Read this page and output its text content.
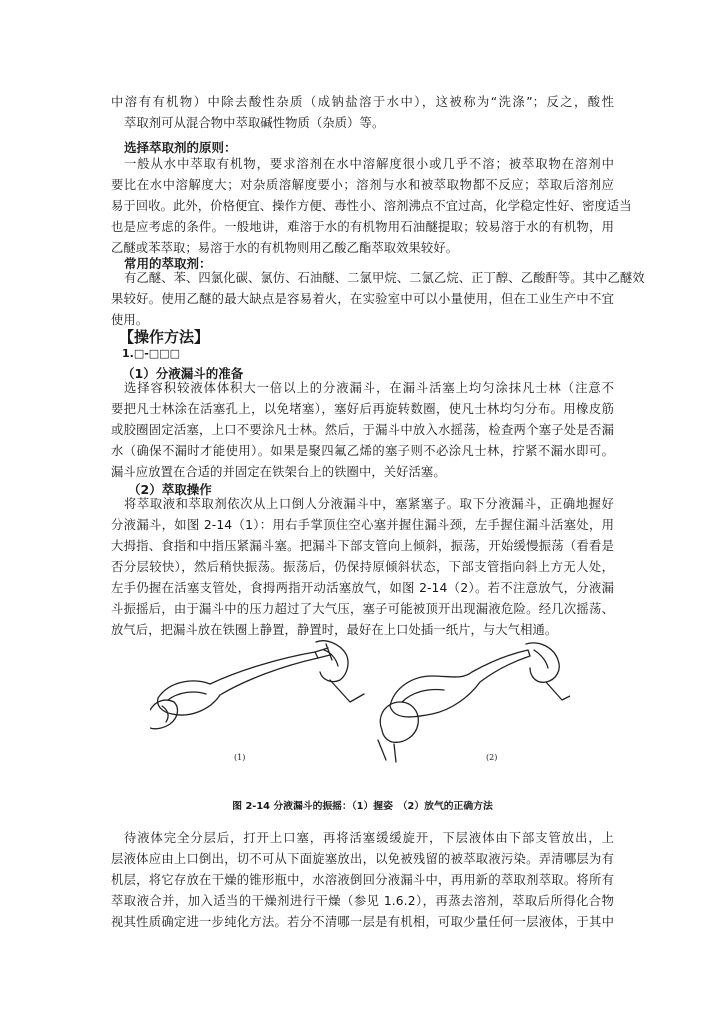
中溶有有机物）中除去酸性杂质（成钠盐溶于水中），这被称为“洗涤”；反之，酸性
萃取剂可从混合物中萃取碱性物质（杂质）等。
选择萃取剂的原则：
一般从水中萃取有机物，要求溶剂在水中溶解度很小或几乎不溶；被萃取物在溶剂中
要比在水中溶解度大；对杂质溶解度要小；溶剂与水和被萃取物都不反应；萃取后溶剂应
易于回收。此外，价格便宜、操作方便、毒性小、溶剂沸点不宜过高，化学稳定性好、密度适当
也是应考虑的条件。一般地讲，难溶于水的有机物用石油醚提取；较易溶于水的有机物，用
乙醚或苯萃取；易溶于水的有机物则用乙酸乙酯萃取效果较好。
常用的萃取剂：
有乙醚、苯、四氯化碳、氯仿、石油醚、二氯甲烷、二氯乙烷、正丁醇、乙酸酐等。其中乙醚效
果较好。使用乙醚的最大缺点是容易着火，在实验室中可以小量使用，但在工业生产中不宜
使用。
【操作方法】
1.□-□□□
（1）分液漏斗的准备
选择容积较液体体积大一倍以上的分液漏斗，在漏斗活塞上均匀涂抹凡士林（注意不
要把凡士林涂在活塞孔上，以免堵塞），塞好后再旋转数圈，使凡士林均匀分布。用橡皮筋
或胶圈固定活塞，上口不要涂凡士林。然后，于漏斗中放入水摇荡，检查两个塞子处是否漏
水（确保不漏时才能使用）。如果是聚四氟乙烯的塞子则不必涂凡士林，拧紧不漏水即可。
漏斗应放置在合适的并固定在铁架台上的铁圈中，关好活塞。
（2）萃取操作
将萃取液和萃取剂依次从上口倒人分液漏斗中，塞紧塞子。取下分液漏斗，正确地握好
分液漏斗，如图 2-14（1）：用右手掌顶住空心塞并握住漏斗颈，左手握住漏斗活塞处，用
大拇指、食指和中指压紧漏斗塞。把漏斗下部支管向上倾斜，振荡，开始缓慢振荡（看看是
否分层较快），然后稍快振荡。振荡后，仍保持原倾斜状态，下部支管指向斜上方无人处，
左手仍握在活塞支管处，食拇两指开动活塞放气，如图 2-14（2）。若不注意放气，分液漏
斗振摇后，由于漏斗中的压力超过了大气压，塞子可能被顶开出现漏液危险。经几次摇荡、
放气后，把漏斗放在铁圈上静置，静置时，最好在上口处插一纸片，与大气相通。
(1)	(2)
图 2-14 分液漏斗的振摇：（1）握姿　（2）放气的正确方法
待液体完全分层后，打开上口塞，再将活塞缓缓旋开，下层液体由下部支管放出，上
层液体应由上口倒出，切不可从下面旋塞放出，以免被残留的被萃取液污染。弄清哪层为有
机层，将它存放在干燥的锥形瓶中，水溶液倒回分液漏斗中，再用新的萃取剂萃取。将所有
萃取液合并，加入适当的干燥剂进行干燥（参见 1.6.2），再蒸去溶剂，萃取后所得化合物
视其性质确定进一步纯化方法。若分不清哪一层是有机相，可取少量任何一层液体，于其中
